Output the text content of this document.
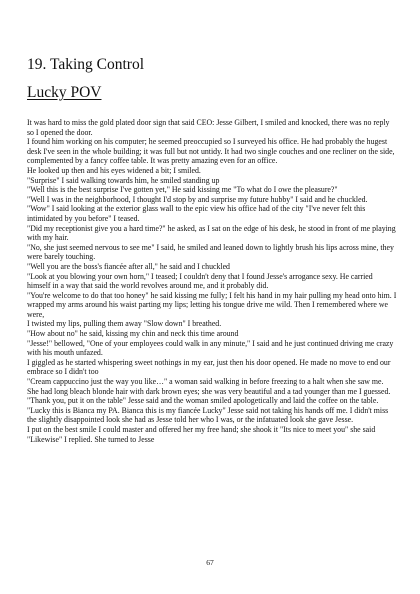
19. Taking Control
Lucky POV

It was hard to miss the gold plated door sign that said CEO: Jesse Gilbert, I smiled and knocked, there was no reply so I opened the door.

I found him working on his computer; he seemed preoccupied so I surveyed his office. He had probably the hugest desk I've seen in the whole building; it was full but not untidy. It had two single couches and one recliner on the side, complemented by a fancy coffee table. It was pretty amazing even for an office.

He looked up then and his eyes widened a bit; I smiled.

"Surprise" I said walking towards him, he smiled standing up

"Well this is the best surprise I've gotten yet," He said kissing me "To what do I owe the pleasure?"

"Well I was in the neighborhood, I thought I'd stop by and surprise my future hubby" I said and he chuckled.

"Wow" I said looking at the exterior glass wall to the epic view his office had of the city "I've never felt this intimidated by you before" I teased.

"Did my receptionist give you a hard time?" he asked, as I sat on the edge of his desk, he stood in front of me playing with my hair.

"No, she just seemed nervous to see me" I said, he smiled and leaned down to lightly brush his lips across mine, they were barely touching.

"Well you are the boss's fiancée after all," he said and I chuckled

"Look at you blowing your own horn," I teased; I couldn't deny that I found Jesse's arrogance sexy. He carried himself in a way that said the world revolves around me, and it probably did.

"You're welcome to do that too honey" he said kissing me fully; I felt his hand in my hair pulling my head onto him. I wrapped my arms around his waist parting my lips; letting his tongue drive me wild. Then I remembered where we were,

I twisted my lips, pulling them away "Slow down" I breathed.

"How about no" he said, kissing my chin and neck this time around

"Jesse!" bellowed, "One of your employees could walk in any minute," I said and he just continued driving me crazy with his mouth unfazed.

I giggled as he started whispering sweet nothings in my ear, just then his door opened. He made no move to end our embrace so I didn't too

"Cream cappuccino just the way you like…" a woman said walking in before freezing to a halt when she saw me.

She had long bleach blonde hair with dark brown eyes; she was very beautiful and a tad younger than me I guessed.

"Thank you, put it on the table" Jesse said and the woman smiled apologetically and laid the coffee on the table.

"Lucky this is Bianca my PA. Bianca this is my fiancée Lucky" Jesse said not taking his hands off me. I didn't miss the slightly disappointed look she had as Jesse told her who I was, or the infatuated look she gave Jesse.

I put on the best smile I could master and offered her my free hand; she shook it "Its nice to meet you" she said "Likewise" I replied. She turned to Jesse

67
